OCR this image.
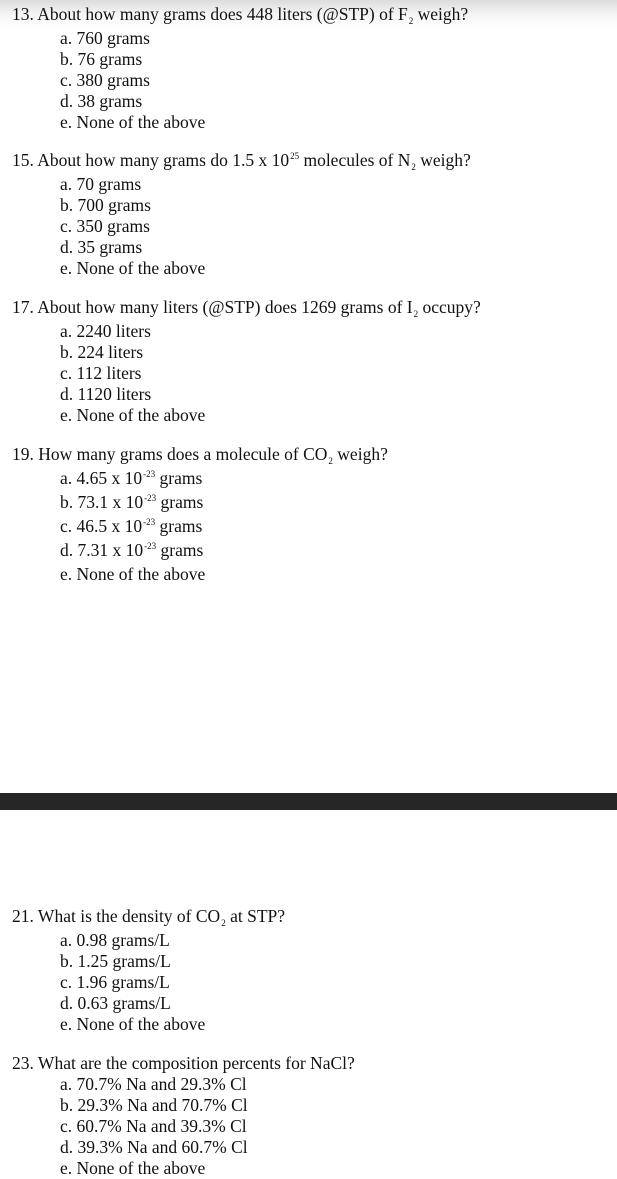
13. About how many grams does 448 liters (@STP) of $F_2$ weigh?
a. 760 grams
b. 76 grams
c. 380 grams
d. 38 grams
e. None of the above
15. About how many grams do 1.5 x $10^{25}$ molecules of $N_2$ weigh?
a. 70 grams
b. 700 grams
c. 350 grams
d. 35 grams
e. None of the above
17. About how many liters (@STP) does 1269 grams of $I_2$ occupy?
a. 2240 liters
b. 224 liters
c. 112 liters
d. 1120 liters
e. None of the above
19. How many grams does a molecule of $CO_2$ weigh?
a. 4.65 x $10^{-23}$ grams
b. 73.1 x $10^{-23}$ grams
c. 46.5 x $10^{-23}$ grams
d. 7.31 x $10^{-23}$ grams
e. None of the above
21. What is the density of $CO_2$ at STP?
a. 0.98 grams/L
b. 1.25 grams/L
c. 1.96 grams/L
d. 0.63 grams/L
e. None of the above
23. What are the composition percents for NaCl?
a. 70.7% Na and 29.3% Cl
b. 29.3% Na and 70.7% Cl
c. 60.7% Na and 39.3% Cl
d. 39.3% Na and 60.7% Cl
e. None of the above
